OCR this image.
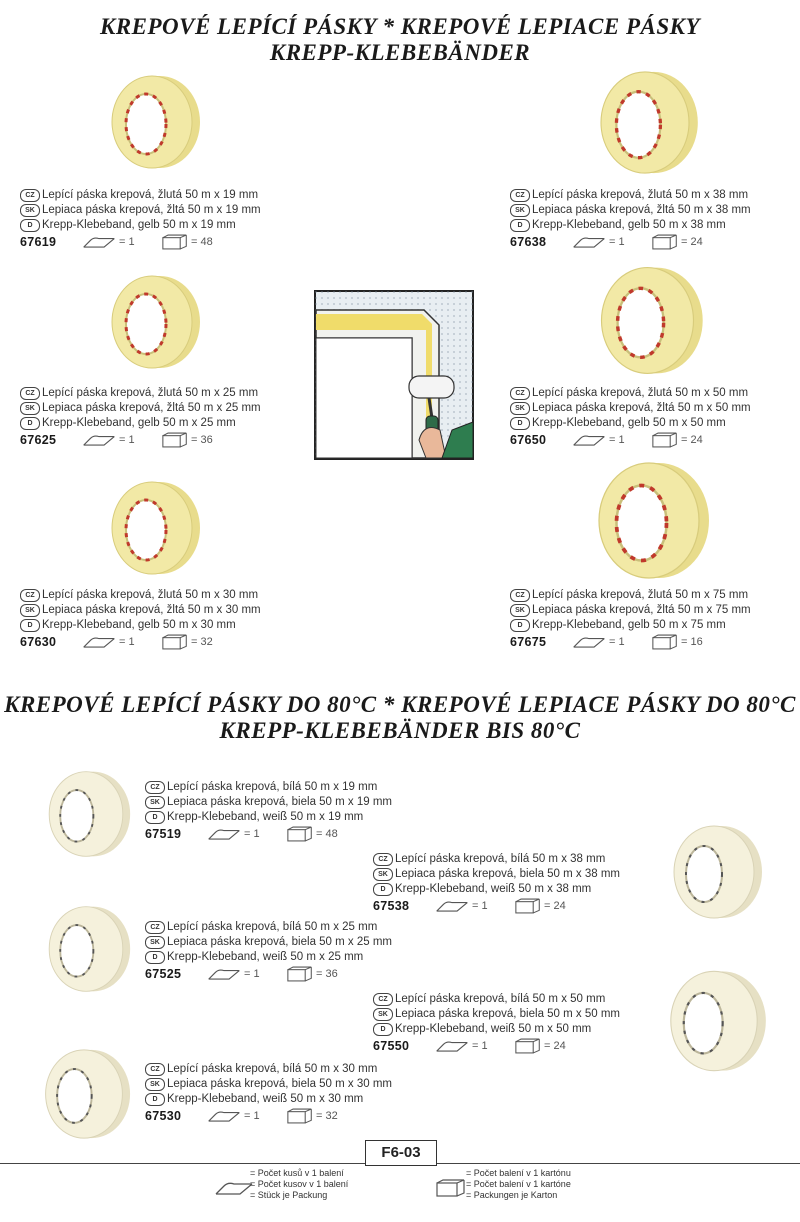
KREPOVÉ LEPÍCÍ PÁSKY * KREPOVÉ LEPIACE PÁSKY
KREPP-KLEBEBÄNDER
CZ Lepící páska krepová, žlutá 50 m x 19 mm
SK Lepiaca páska krepová, žltá 50 m x 19 mm
D Krepp-Klebeband, gelb 50 m x 19 mm
67619	= 1	= 48
CZ Lepící páska krepová, žlutá 50 m x 38 mm
SK Lepiaca páska krepová, žltá 50 m x 38 mm
D Krepp-Klebeband, gelb 50 m x 38 mm
67638	= 1	= 24
CZ Lepící páska krepová, žlutá 50 m x 25 mm
SK Lepiaca páska krepová, žltá 50 m x 25 mm
D Krepp-Klebeband, gelb 50 m x 25 mm
67625	= 1	= 36
CZ Lepící páska krepová, žlutá 50 m x 50 mm
SK Lepiaca páska krepová, žltá 50 m x 50 mm
D Krepp-Klebeband, gelb 50 m x 50 mm
67650	= 1	= 24
CZ Lepící páska krepová, žlutá 50 m x 30 mm
SK Lepiaca páska krepová, žltá 50 m x 30 mm
D Krepp-Klebeband, gelb 50 m x 30 mm
67630	= 1	= 32
CZ Lepící páska krepová, žlutá 50 m x 75 mm
SK Lepiaca páska krepová, žltá 50 m x 75 mm
D Krepp-Klebeband, gelb 50 m x 75 mm
67675	= 1	= 16
KREPOVÉ LEPÍCÍ PÁSKY DO 80°C * KREPOVÉ LEPIACE PÁSKY DO 80°C
KREPP-KLEBEBÄNDER BIS 80°C
CZ Lepící páska krepová, bílá 50 m x 19 mm
SK Lepiaca páska krepová, biela 50 m x 19 mm
D Krepp-Klebeband, weiß 50 m x 19 mm
67519	= 1	= 48
CZ Lepící páska krepová, bílá 50 m x 38 mm
SK Lepiaca páska krepová, biela 50 m x 38 mm
D Krepp-Klebeband, weiß 50 m x 38 mm
67538	= 1	= 24
CZ Lepící páska krepová, bílá 50 m x 25 mm
SK Lepiaca páska krepová, biela 50 m x 25 mm
D Krepp-Klebeband, weiß 50 m x 25 mm
67525	= 1	= 36
CZ Lepící páska krepová, bílá 50 m x 50 mm
SK Lepiaca páska krepová, biela 50 m x 50 mm
D Krepp-Klebeband, weiß 50 m x 50 mm
67550	= 1	= 24
CZ Lepící páska krepová, bílá 50 m x 30 mm
SK Lepiaca páska krepová, biela 50 m x 30 mm
D Krepp-Klebeband, weiß 50 m x 30 mm
67530	= 1	= 32
F6-03
= Počet kusů v 1 balení
= Počet kusov v 1 balení
= Stück je Packung
= Počet balení v 1 kartónu
= Počet balení v 1 kartóne
= Packungen je Karton
